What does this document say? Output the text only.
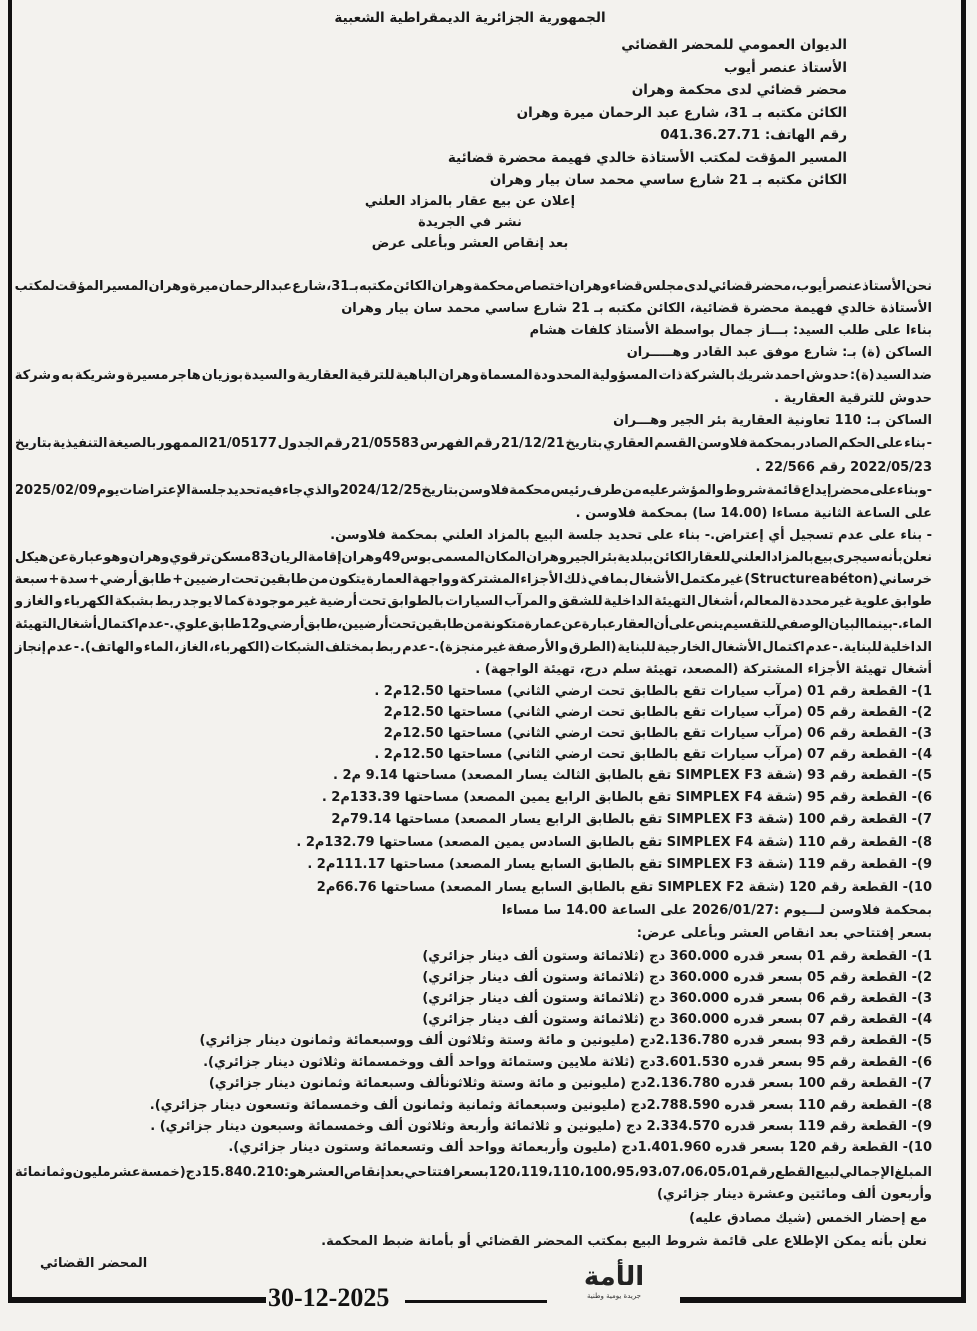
الجمهورية الجزائرية الديمقراطية الشعبية
الديوان العمومي للمحضر القضائي
الأستاذ عنصر أيوب
محضر قضائي لدى محكمة وهران
الكائن مكتبه بـ 31، شارع عبد الرحمان ميرة وهران
رقم الهاتف: 041.36.27.71
المسير المؤقت لمكتب الأستاذة خالدي فهيمة محضرة قضائية
الكائن مكتبه بـ 21 شارع ساسي محمد سان بيار وهران
إعلان عن بيع عقار بالمزاد العلني
نشر في الجريدة
بعد إنقاص العشر وبأعلى عرض
نحن الأستاذ عنصر أيوب، محضر قضائي لدى مجلس قضاء وهران اختصاص محكمة وهران الكائن مكتبه بـ 31، شارع عبد الرحمان ميرة وهران المسير المؤقت لمكتب
الأستاذة خالدي فهيمة محضرة قضائية، الكائن مكتبه بـ 21 شارع ساسي محمد سان بيار وهران
بناءا على طلب السيد: بـــاز جمال بواسطة الأستاذ كلفات هشام
الساكن (ة) بـ: شارع موفق عبد القادر وهـــــران
ضد السيد (ة): حدوش احمد شريك بالشركة ذات المسؤولية المحدودة المسماة وهران الباهية للترقية العقارية و السيدة بوزيان هاجر مسيرة و شريكة به و شركة
حدوش للترقية العقارية .
الساكن بـ: 110 تعاونية العقارية بئر الجير وهـــران
- بناء على الحكم الصادر بمحكمة فلاوسن القسم العقاري بتاريخ 21/12/21 رقم الفهرس 21/05583 رقم الجدول 21/05177 الممهور بالصيغة التنفيذية بتاريخ
2022/05/23 رقم 22/566 .
- و بناء على محضر إيداع قائمة شروط و المؤشر عليه من طرف رئيس محكمة فلاوسن بتاريخ 2024/12/25 والذي جاء فيه تحديد جلسة الإعتراضات يوم 2025/02/09
على الساعة الثانية مساءا (14.00 سا) بمحكمة فلاوسن .
- بناء على عدم تسجيل أي إعتراض.- بناء على تحديد جلسة البيع بالمزاد العلني بمحكمة فلاوسن.
نعلن بأنه سيجرى بيع بالمزاد العلني للعقار الكائن ببلدية بئر الجير وهران المكان المسمى بوس 49 وهران إقامة الريان 83 مسكن ترقوي وهران و هو عبارة عن هيكل
خرساني (Structure a béton) غير مكتمل الأشغال بما في ذلك الأجزاء المشتركة و واجهة العمارة يتكون من طابقين تحت ارضيين + طابق أرضي + سدة + سبعة
طوابق علوية غير محددة المعالم، أشغال التهيئة الداخلية للشقق و المرآب السيارات بالطوابق تحت أرضية غير موجودة كما لا يوجد ربط بشبكة الكهرباء و الغاز و
الماء .- بينما البيان الوصفي للتقسيم ينص على أن العقار عبارة عن عمارة متكونة من طابقين تحت أرضيين ، طابق أرضي و 12 طابق علوي.- عدم اكتمال أشغال التهيئة
الداخلية للبناية. - عدم اكتمال الأشغال الخارجية للبناية (الطرق و الأرصفة غير منجزة).- عدم ربط بمختلف الشبكات (الكهرباء، الغاز، الماء و الهاتف). - عدم إنجاز
أشغال تهيئة الأجزاء المشتركة (المصعد، تهيئة سلم درج، تهيئة الواجهة) .
1)- القطعة رقم 01 (مرآب سيارات تقع بالطابق تحت ارضي الثاني) مساحتها 12.50م2 .
2)- القطعة رقم 05 (مرآب سيارات تقع بالطابق تحت ارضي الثاني) مساحتها 12.50م2
3)- القطعة رقم 06 (مرآب سيارات تقع بالطابق تحت ارضي الثاني) مساحتها 12.50م2
4)- القطعة رقم 07 (مرآب سيارات تقع بالطابق تحت ارضي الثاني) مساحتها 12.50م2 .
5)- القطعة رقم 93 (شقة SIMPLEX F3 تقع بالطابق الثالث يسار المصعد) مساحتها 9.14 م2 .
6)- القطعة رقم 95 (شقة SIMPLEX F4 تقع بالطابق الرابع يمين المصعد) مساحتها 133.39م2 .
7)- القطعة رقم 100 (شقة SIMPLEX F3 تقع بالطابق الرابع يسار المصعد) مساحتها 79.14م2
8)- القطعة رقم 110 (شقة SIMPLEX F4 تقع بالطابق السادس يمين المصعد) مساحتها 132.79م2 .
9)- القطعة رقم 119 (شقة SIMPLEX F3 تقع بالطابق السابع يسار المصعد) مساحتها 111.17م2 .
10)- القطعة رقم 120 (شقة SIMPLEX F2 تقع بالطابق السابع يسار المصعد) مساحتها 66.76م2
بمحكمة فلاوسن لـــيوم :2026/01/27 على الساعة 14.00 سا مساءا
بسعر إفتتاحي بعد انقاص العشر وبأعلى عرض:
1)- القطعة رقم 01 بسعر قدره 360.000 دج (ثلاثمائة وستون ألف دينار جزائري)
2)- القطعة رقم 05 بسعر قدره 360.000 دج (ثلاثمائة وستون ألف دينار جزائري)
3)- القطعة رقم 06 بسعر قدره 360.000 دج (ثلاثمائة وستون ألف دينار جزائري)
4)- القطعة رقم 07 بسعر قدره 360.000 دج (ثلاثمائة وستون ألف دينار جزائري)
5)- القطعة رقم 93 بسعر قدره 2.136.780دج (مليونين و مائة وستة وثلاثون ألف ووسبعمائة وثمانون دينار جزائري)
6)- القطعة رقم 95 بسعر قدره 3.601.530دج (ثلاثة ملايين وستمائة وواحد ألف ووخمسمائة وثلاثون دينار جزائري).
7)- القطعة رقم 100 بسعر قدره 2.136.780دج (مليونين و مائة وستة وثلاثونألف وسبعمائة وثمانون دينار جزائري)
8)- القطعة رقم 110 بسعر قدره 2.788.590دج (مليونين وسبعمائة وثمانية وثمانون ألف وخمسمائة وتسعون دينار جزائري).
9)- القطعة رقم 119 بسعر قدره 2.334.570 دج (مليونين و ثلاثمائة وأربعة وثلاثون ألف وخمسمائة وسبعون دينار جزائري) .
10)- القطعة رقم 120 بسعر قدره 1.401.960دج (مليون وأربعمائة وواحد ألف وتسعمائة وستون دينار جزائري).
المبلغ الإجمالي لبيع القطع رقم 01، 05، 06، 07، 93، 95، 100، 110، 119، 120 بسعر افتتاحي بعد إنقاص العشر هو: 15.840.210دج(خمسة عشر مليون وثمانمائة
وأربعون ألف ومائتين وعشرة دينار جزائري)
مع إحضار الخمس (شيك مصادق عليه)
نعلن بأنه يمكن الإطلاع على قائمة شروط البيع بمكتب المحضر القضائي أو بأمانة ضبط المحكمة.
المحضر القضائي
30-12-2025
الأمة
جريدة يومية وطنية
